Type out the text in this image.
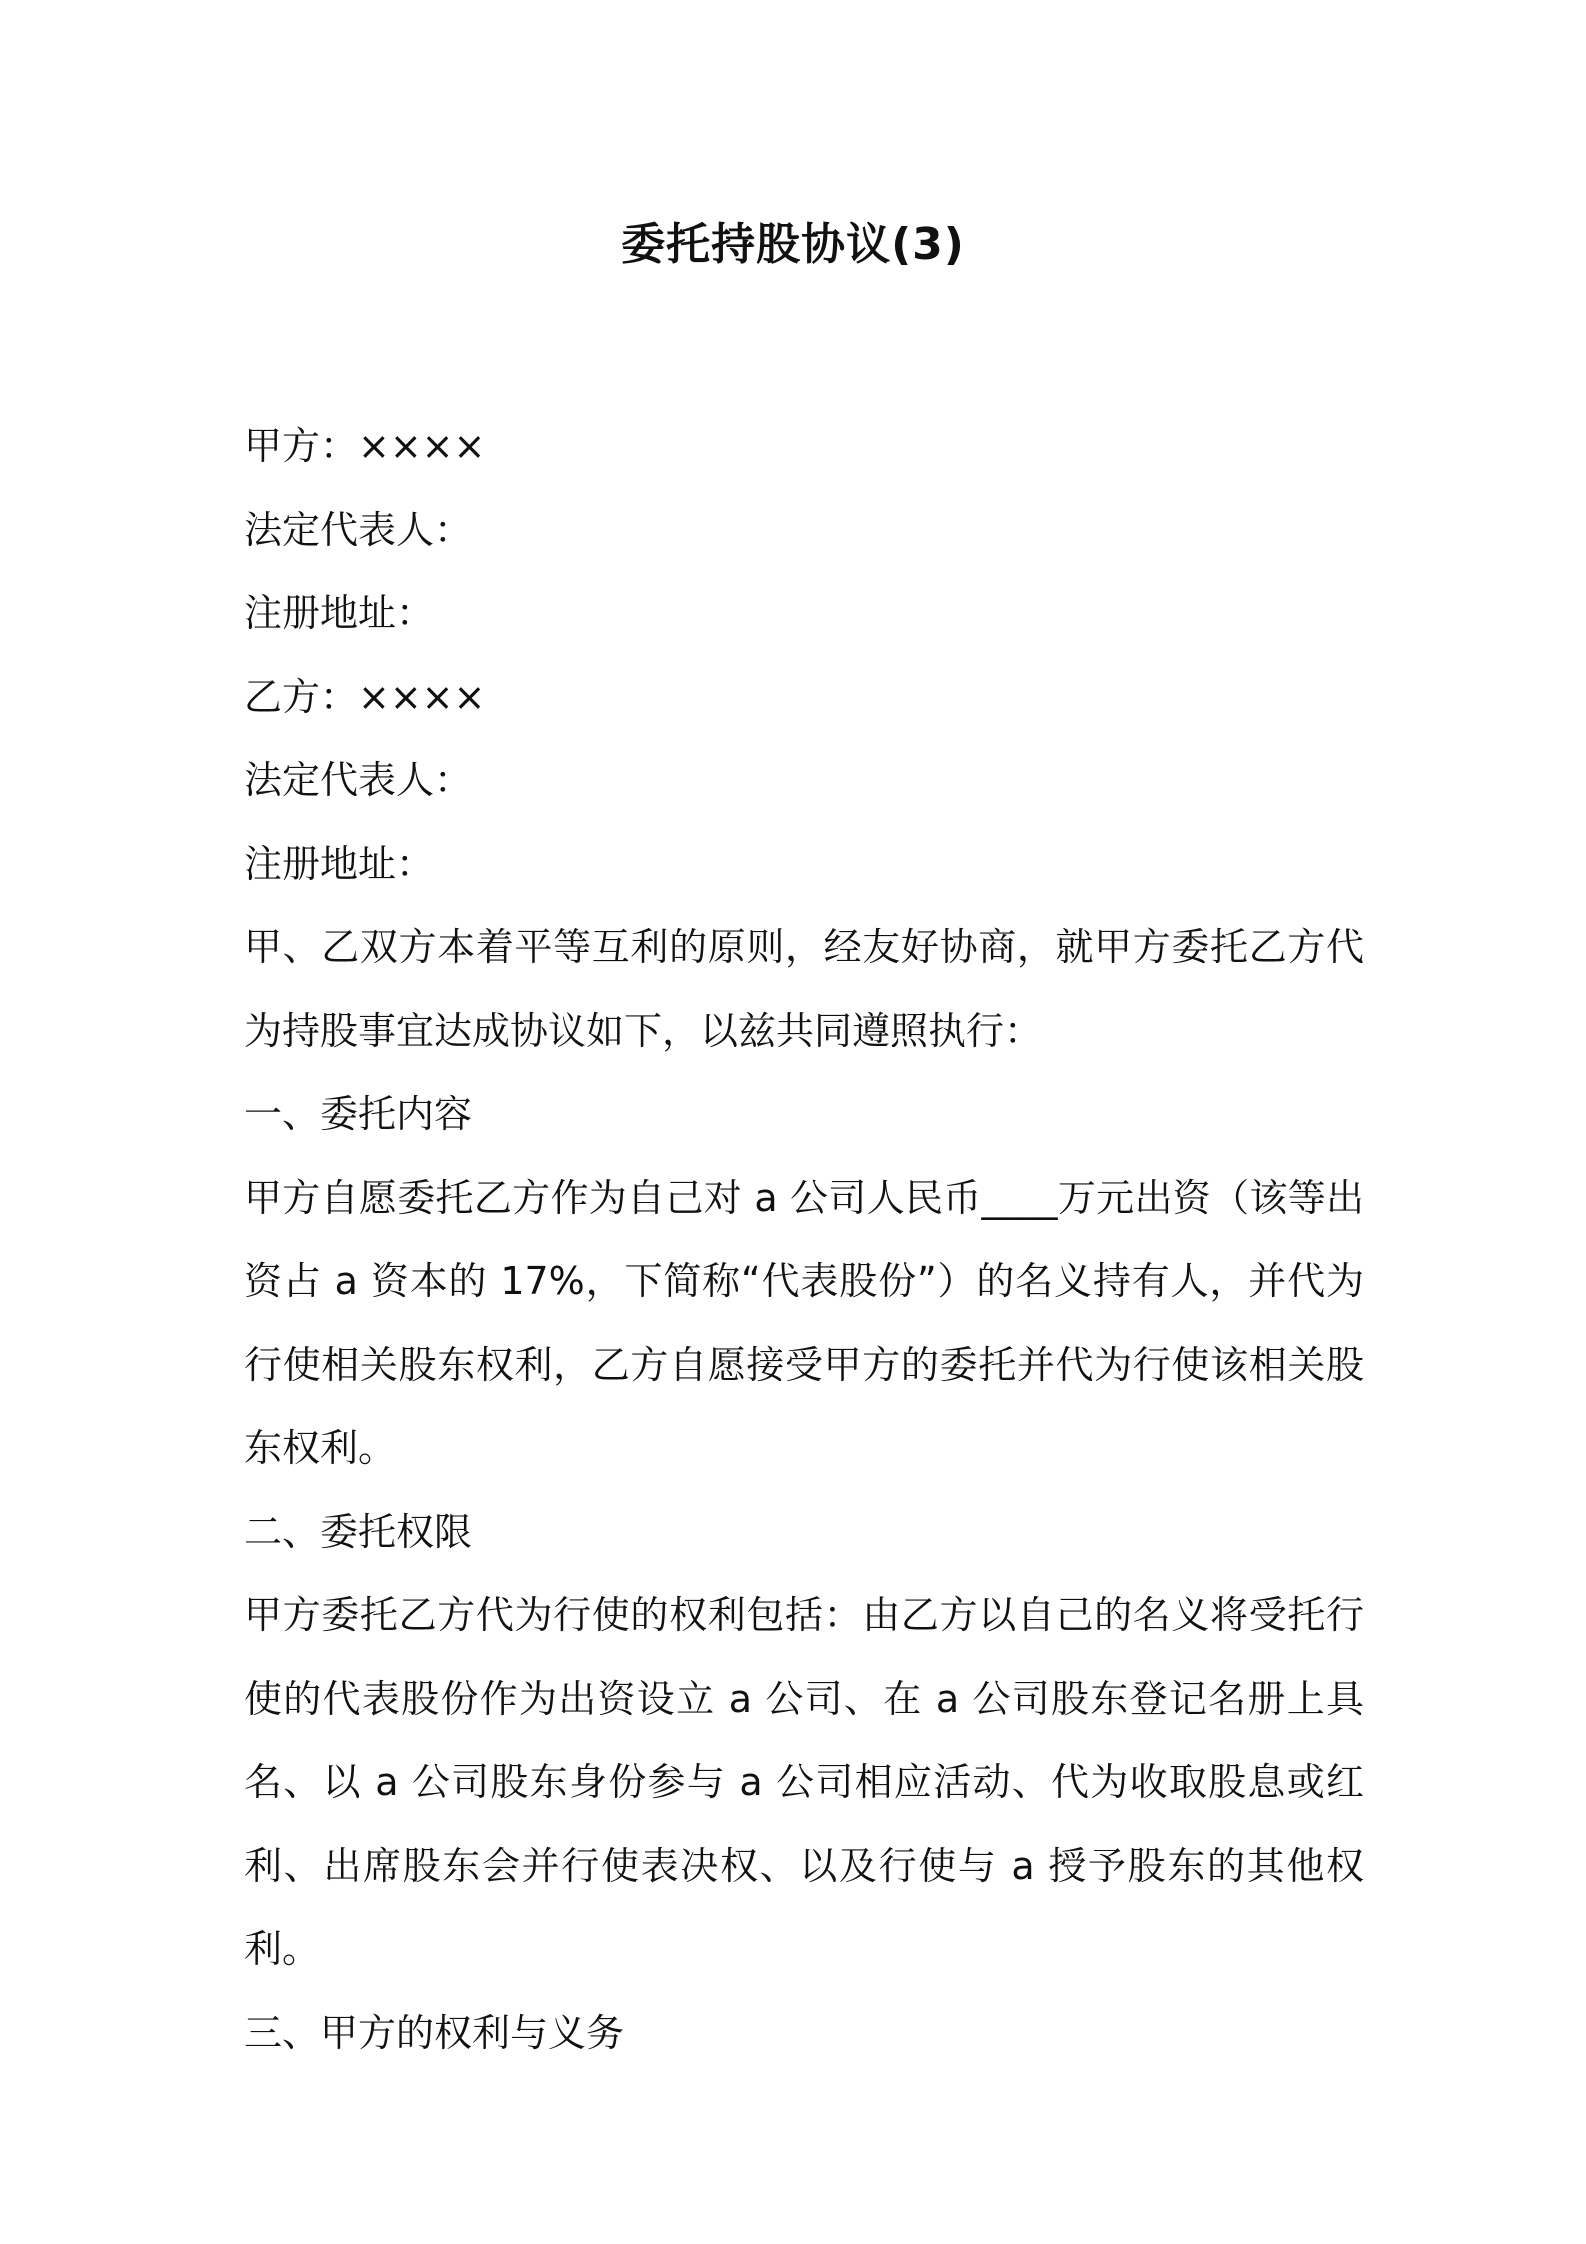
委托持股协议(3)

甲方：××××

法定代表人：

注册地址：

乙方：××××

法定代表人：

注册地址：

甲、乙双方本着平等互利的原则，经友好协商，就甲方委托乙方代为持股事宜达成协议如下，以兹共同遵照执行：

一、委托内容

甲方自愿委托乙方作为自己对 a 公司人民币____万元出资（该等出资占 a 资本的 17%，下简称“代表股份”）的名义持有人，并代为行使相关股东权利，乙方自愿接受甲方的委托并代为行使该相关股东权利。

二、委托权限

甲方委托乙方代为行使的权利包括：由乙方以自己的名义将受托行使的代表股份作为出资设立 a 公司、在 a 公司股东登记名册上具名、以 a 公司股东身份参与 a 公司相应活动、代为收取股息或红利、出席股东会并行使表决权、以及行使与 a 授予股东的其他权利。

三、甲方的权利与义务
